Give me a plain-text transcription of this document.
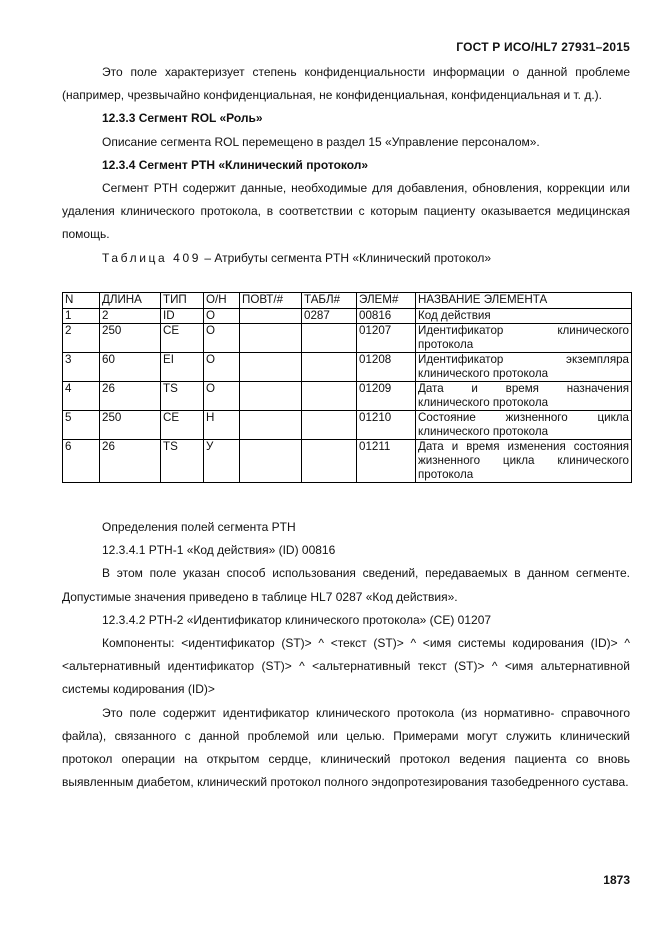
ГОСТ Р ИСО/HL7 27931–2015

Это поле характеризует степень конфиденциальности информации о данной проблеме (например, чрезвычайно конфиденциальная, не конфиденциальная, конфиденциальная и т. д.).

12.3.3 Сегмент ROL «Роль»

Описание сегмента ROL перемещено в раздел 15 «Управление персоналом».

12.3.4 Сегмент PTH «Клинический протокол»

Сегмент PTH содержит данные, необходимые для добавления, обновления, коррекции или удаления клинического протокола, в соответствии с которым пациенту оказывается медицинская помощь.

Таблица 409 – Атрибуты сегмента PTH «Клинический протокол»

N	ДЛИНА	ТИП	О/Н	ПОВТ/#	ТАБЛ#	ЭЛЕМ#	НАЗВАНИЕ ЭЛЕМЕНТА
1	2	ID	О		0287	00816	Код действия
2	250	CE	О			01207	Идентификатор клинического протокола
3	60	EI	О			01208	Идентификатор экземпляра клинического протокола
4	26	TS	О			01209	Дата и время назначения клинического протокола
5	250	CE	Н			01210	Состояние жизненного цикла клинического протокола
6	26	TS	У			01211	Дата и время изменения состояния жизненного цикла клинического протокола

Определения полей сегмента PTH

12.3.4.1 PTH-1 «Код действия» (ID) 00816

В этом поле указан способ использования сведений, передаваемых в данном сегменте. Допустимые значения приведено в таблице HL7 0287 «Код действия».

12.3.4.2 PTH-2 «Идентификатор клинического протокола» (CE) 01207

Компоненты: <идентификатор (ST)> ^ <текст (ST)> ^ <имя системы кодирования (ID)> ^ <альтернативный идентификатор (ST)> ^ <альтернативный текст (ST)> ^ <имя альтернативной системы кодирования (ID)>

Это поле содержит идентификатор клинического протокола (из нормативно- справочного файла), связанного с данной проблемой или целью. Примерами могут служить клинический протокол операции на открытом сердце, клинический протокол ведения пациента со вновь выявленным диабетом, клинический протокол полного эндопротезирования тазобедренного сустава.

1873
